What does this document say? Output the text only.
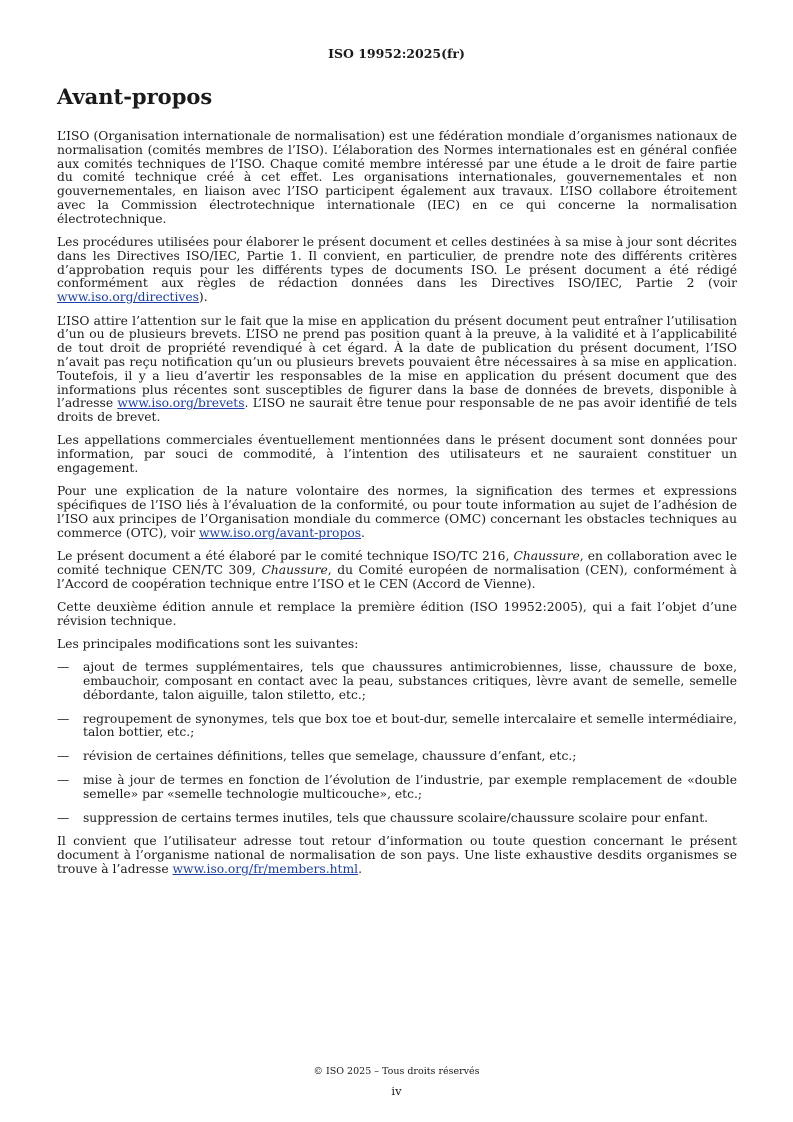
ISO 19952:2025(fr)
Avant-propos

L’ISO (Organisation internationale de normalisation) est une fédération mondiale d’organismes nationaux de normalisation (comités membres de l’ISO). L’élaboration des Normes internationales est en général confiée aux comités techniques de l’ISO. Chaque comité membre intéressé par une étude a le droit de faire partie du comité technique créé à cet effet. Les organisations internationales, gouvernementales et non gouvernementales, en liaison avec l’ISO participent également aux travaux. L’ISO collabore étroitement avec la Commission électrotechnique internationale (IEC) en ce qui concerne la normalisation électrotechnique.

Les procédures utilisées pour élaborer le présent document et celles destinées à sa mise à jour sont décrites dans les Directives ISO/IEC, Partie 1. Il convient, en particulier, de prendre note des différents critères d’approbation requis pour les différents types de documents ISO. Le présent document a été rédigé conformément aux règles de rédaction données dans les Directives ISO/IEC, Partie 2 (voir www.iso.org/directives).

L’ISO attire l’attention sur le fait que la mise en application du présent document peut entraîner l’utilisation d’un ou de plusieurs brevets. L’ISO ne prend pas position quant à la preuve, à la validité et à l’applicabilité de tout droit de propriété revendiqué à cet égard. À la date de publication du présent document, l’ISO n’avait pas reçu notification qu’un ou plusieurs brevets pouvaient être nécessaires à sa mise en application. Toutefois, il y a lieu d’avertir les responsables de la mise en application du présent document que des informations plus récentes sont susceptibles de figurer dans la base de données de brevets, disponible à l’adresse www.iso.org/brevets. L’ISO ne saurait être tenue pour responsable de ne pas avoir identifié de tels droits de brevet.

Les appellations commerciales éventuellement mentionnées dans le présent document sont données pour information, par souci de commodité, à l’intention des utilisateurs et ne sauraient constituer un engagement.

Pour une explication de la nature volontaire des normes, la signification des termes et expressions spécifiques de l’ISO liés à l’évaluation de la conformité, ou pour toute information au sujet de l’adhésion de l’ISO aux principes de l’Organisation mondiale du commerce (OMC) concernant les obstacles techniques au commerce (OTC), voir www.iso.org/avant-propos.

Le présent document a été élaboré par le comité technique ISO/TC 216, Chaussure, en collaboration avec le comité technique CEN/TC 309, Chaussure, du Comité européen de normalisation (CEN), conformément à l’Accord de coopération technique entre l’ISO et le CEN (Accord de Vienne).

Cette deuxième édition annule et remplace la première édition (ISO 19952:2005), qui a fait l’objet d’une révision technique.

Les principales modifications sont les suivantes:

— ajout de termes supplémentaires, tels que chaussures antimicrobiennes, lisse, chaussure de boxe, embauchoir, composant en contact avec la peau, substances critiques, lèvre avant de semelle, semelle débordante, talon aiguille, talon stiletto, etc.;
— regroupement de synonymes, tels que box toe et bout-dur, semelle intercalaire et semelle intermédiaire, talon bottier, etc.;
— révision de certaines définitions, telles que semelage, chaussure d’enfant, etc.;
— mise à jour de termes en fonction de l’évolution de l’industrie, par exemple remplacement de «double semelle» par «semelle technologie multicouche», etc.;
— suppression de certains termes inutiles, tels que chaussure scolaire/chaussure scolaire pour enfant.

Il convient que l’utilisateur adresse tout retour d’information ou toute question concernant le présent document à l’organisme national de normalisation de son pays. Une liste exhaustive desdits organismes se trouve à l’adresse www.iso.org/fr/members.html.

© ISO 2025 – Tous droits réservés
iv
